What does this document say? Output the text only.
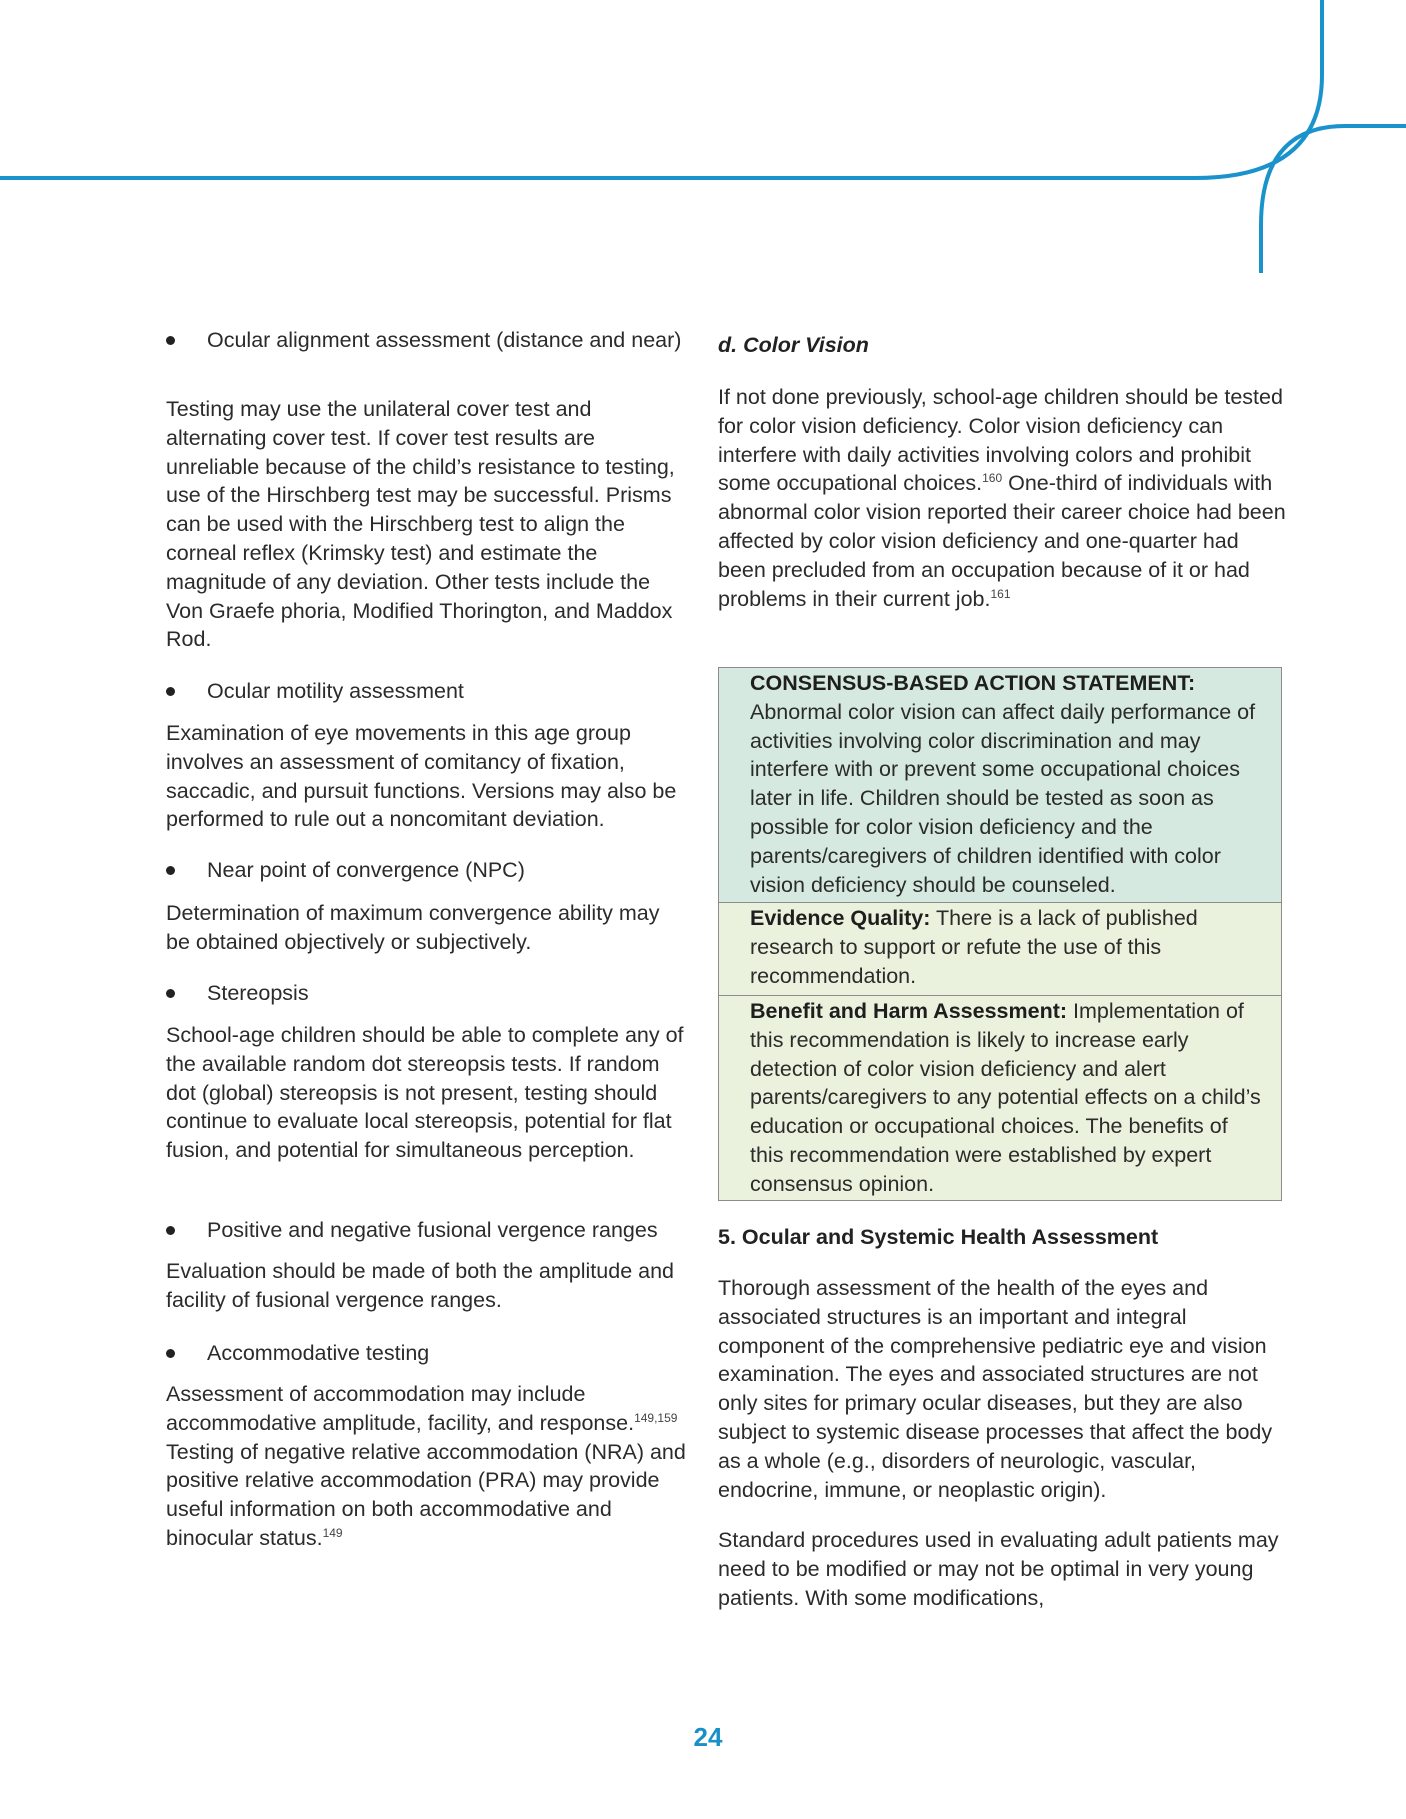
Ocular alignment assessment (distance and near)

Testing may use the unilateral cover test and alternating cover test. If cover test results are unreliable because of the child’s resistance to testing, use of the Hirschberg test may be successful. Prisms can be used with the Hirschberg test to align the corneal reflex (Krimsky test) and estimate the magnitude of any deviation. Other tests include the Von Graefe phoria, Modified Thorington, and Maddox Rod.

Ocular motility assessment

Examination of eye movements in this age group involves an assessment of comitancy of fixation, saccadic, and pursuit functions. Versions may also be performed to rule out a noncomitant deviation.

Near point of convergence (NPC)

Determination of maximum convergence ability may be obtained objectively or subjectively.

Stereopsis

School-age children should be able to complete any of the available random dot stereopsis tests. If random dot (global) stereopsis is not present, testing should continue to evaluate local stereopsis, potential for flat fusion, and potential for simultaneous perception.

Positive and negative fusional vergence ranges

Evaluation should be made of both the amplitude and facility of fusional vergence ranges.

Accommodative testing

Assessment of accommodation may include accommodative amplitude, facility, and response.$^{149,159}$ Testing of negative relative accommodation (NRA) and positive relative accommodation (PRA) may provide useful information on both accommodative and binocular status.$^{149}$

d. Color Vision

If not done previously, school-age children should be tested for color vision deficiency. Color vision deficiency can interfere with daily activities involving colors and prohibit some occupational choices.$^{160}$ One-third of individuals with abnormal color vision reported their career choice had been affected by color vision deficiency and one-quarter had been precluded from an occupation because of it or had problems in their current job.$^{161}$

CONSENSUS-BASED ACTION STATEMENT:
Abnormal color vision can affect daily performance of activities involving color discrimination and may interfere with or prevent some occupational choices later in life. Children should be tested as soon as possible for color vision deficiency and the parents/caregivers of children identified with color vision deficiency should be counseled.
Evidence Quality: There is a lack of published research to support or refute the use of this recommendation.
Benefit and Harm Assessment: Implementation of this recommendation is likely to increase early detection of color vision deficiency and alert parents/caregivers to any potential effects on a child’s education or occupational choices. The benefits of this recommendation were established by expert consensus opinion.
5. Ocular and Systemic Health Assessment

Thorough assessment of the health of the eyes and associated structures is an important and integral component of the comprehensive pediatric eye and vision examination. The eyes and associated structures are not only sites for primary ocular diseases, but they are also subject to systemic disease processes that affect the body as a whole (e.g., disorders of neurologic, vascular, endocrine, immune, or neoplastic origin).

Standard procedures used in evaluating adult patients may need to be modified or may not be optimal in very young patients. With some modifications,

24
